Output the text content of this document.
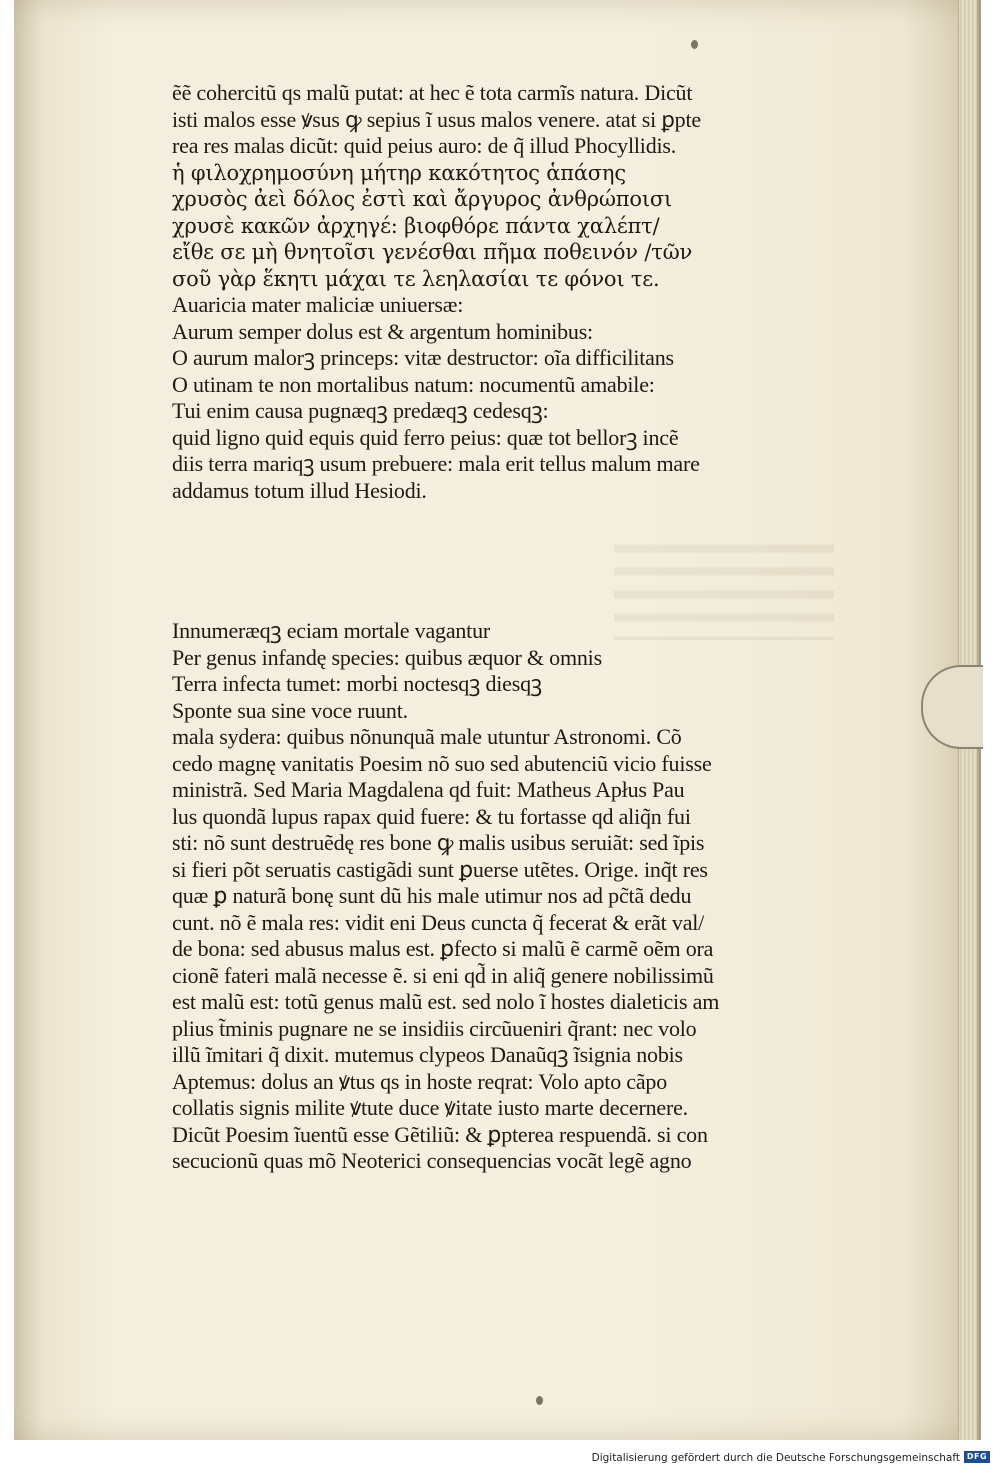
ẽẽ cohercitũ qs malũ putat: at hec ẽ tota carmĩs natura. Dicũt
isti malos esse ꝟsus ꝙ sepius ĩ usus malos venere. atat si ꝑpte
rea res malas dicũt: quid peius auro: de q̃ illud Phocyllidis.
ἡ φιλοχρημοσύνη μήτηρ κακότητος ἁπάσης
χρυσὸς ἀεὶ δόλος ἐστὶ καὶ ἄργυρος ἀνθρώποισι
χρυσὲ κακῶν ἀρχηγέ: βιοφθόρε πάντα χαλέπτ/
εἴθε σε μὴ θνητοῖσι γενέσθαι πῆμα ποθεινόν /τῶν
σοῦ γὰρ ἕκητι μάχαι τε λεηλασίαι τε φόνοι τε.
Auaricia mater maliciæ uniuersæ:
Aurum semper dolus est & argentum hominibus:
O aurum malorꝫ princeps: vitæ destructor: oĩa difficilitans
O utinam te non mortalibus natum: nocumentũ amabile:
Tui enim causa pugnæqꝫ predæqꝫ cedesqꝫ:
quid ligno quid equis quid ferro peius: quæ tot bellorꝫ incẽ
diis terra mariqꝫ usum prebuere: mala erit tellus malum mare
addamus totum illud Hesiodi.
Innumeræqꝫ eciam mortale vagantur
Per genus infandę species: quibus æquor & omnis
Terra infecta tumet: morbi noctesqꝫ diesqꝫ
Sponte sua sine voce ruunt.
mala sydera: quibus nõnunquã male utuntur Astronomi. Cõ
cedo magnę vanitatis Poesim nõ suo sed abutenciũ vicio fuisse
ministrã. Sed Maria Magdalena qd fuit: Matheus Apłus Pau
lus quondã lupus rapax quid fuere: & tu fortasse qd aliq̃n fui
sti: nõ sunt destruẽdę res bone ꝙ malis usibus seruiãt: sed ĩpis
si fieri põt seruatis castigãdi sunt ꝑuerse utẽtes. Orige. inq̃t res
quæ ꝑ naturã bonę sunt dũ his male utimur nos ad pc̃tã dedu
cunt. nõ ẽ mala res: vidit eni Deus cuncta q̃ fecerat & erãt val/
de bona: sed abusus malus est. ꝑfecto si malũ ẽ carmẽ oẽm ora
cionẽ fateri malã necesse ẽ. si eni qd̃ in aliq̃ genere nobilissimũ
est malũ est: totũ genus malũ est. sed nolo ĩ hostes dialeticis am
plius t̃minis pugnare ne se insidiis circũueniri q̃rant: nec volo
illũ ĩmitari q̃ dixit. mutemus clypeos Danaũqꝫ ĩsignia nobis
Aptemus: dolus an ꝟtus qs in hoste reqrat: Volo apto cãpo
collatis signis milite ꝟtute duce ꝟitate iusto marte decernere.
Dicũt Poesim ĩuentũ esse Gẽtiliũ: & ꝑpterea respuendã. si con
secucionũ quas mõ Neoterici consequencias vocãt legẽ agno
Digitalisierung gefördert durch die Deutsche Forschungsgemeinschaft DFG
